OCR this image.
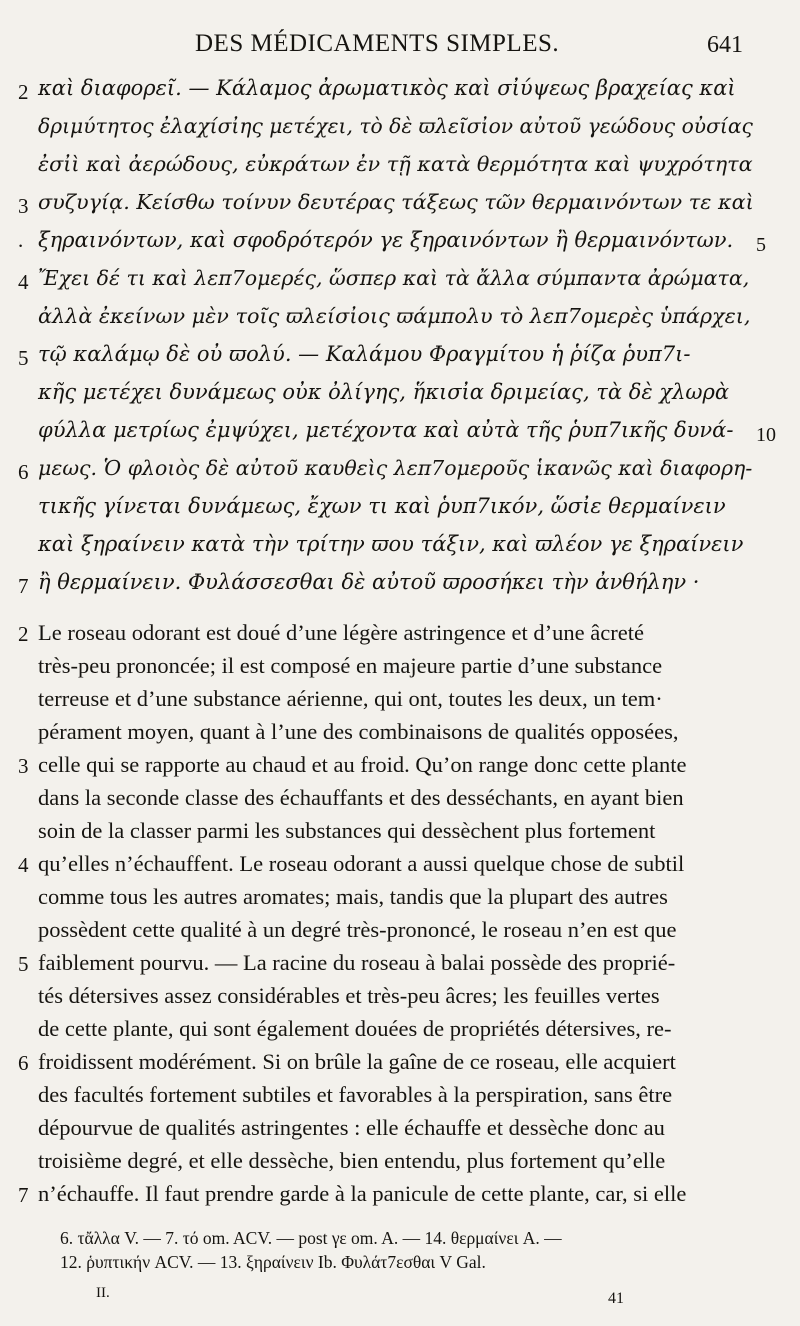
DES MÉDICAMENTS SIMPLES.	641
καὶ διαφορεῖ. — Κάλαμος ἀρωματικὸς καὶ σἰύψεως βραχείας καὶ
δριμύτητος ἐλαχίσἰης μετέχει, τὸ δὲ ϖλεῖσἰον αὐτοῦ γεώδους οὐσίας
ἐσἰὶ καὶ ἀερώδους, εὐκράτων ἐν τῇ κατὰ θερμότητα καὶ ψυχρότητα
συζυγίᾳ. Κείσθω τοίνυν δευτέρας τάξεως τῶν θερμαινόντων τε καὶ
ξηραινόντων, καὶ σφοδρότερόν γε ξηραινόντων ἢ θερμαινόντων.
Ἔχει δέ τι καὶ λεπ7ομερές, ὥσπερ καὶ τὰ ἄλλα σύμπαντα ἀρώματα,
ἀλλὰ ἐκείνων μὲν τοῖς ϖλείσἰοις ϖάμπολυ τὸ λεπ7ομερὲς ὑπάρχει,
τῷ καλάμῳ δὲ οὐ ϖολύ. — Καλάμου Φραγμίτου ἡ ῥίζα ῥυπ7ι-
κῆς μετέχει δυνάμεως οὐκ ὀλίγης, ἥκισἰα δριμείας, τὰ δὲ χλωρὰ
φύλλα μετρίως ἐμψύχει, μετέχοντα καὶ αὐτὰ τῆς ῥυπ7ικῆς δυνά-
μεως. Ὁ φλοιὸς δὲ αὐτοῦ καυθεὶς λεπ7ομεροῦς ἱκανῶς καὶ διαφορη-
τικῆς γίνεται δυνάμεως, ἔχων τι καὶ ῥυπ7ικόν, ὥσἰε θερμαίνειν
καὶ ξηραίνειν κατὰ τὴν τρίτην ϖου τάξιν, καὶ ϖλέον γε ξηραίνειν
ἢ θερμαίνειν. Φυλάσσεσθαι δὲ αὐτοῦ ϖροσήκει τὴν ἀνθήλην ·
2
3
.
4
5
6
7
5
10
Le roseau odorant est doué d’une légère astringence et d’une âcreté
très-peu prononcée; il est composé en majeure partie d’une substance
terreuse et d’une substance aérienne, qui ont, toutes les deux, un tem·
pérament moyen, quant à l’une des combinaisons de qualités opposées,
celle qui se rapporte au chaud et au froid. Qu’on range donc cette plante
dans la seconde classe des échauffants et des desséchants, en ayant bien
soin de la classer parmi les substances qui dessèchent plus fortement
qu’elles n’échauffent. Le roseau odorant a aussi quelque chose de subtil
comme tous les autres aromates; mais, tandis que la plupart des autres
possèdent cette qualité à un degré très-prononcé, le roseau n’en est que
faiblement pourvu. — La racine du roseau à balai possède des proprié-
tés détersives assez considérables et très-peu âcres; les feuilles vertes
de cette plante, qui sont également douées de propriétés détersives, re-
froidissent modérément. Si on brûle la gaîne de ce roseau, elle acquiert
des facultés fortement subtiles et favorables à la perspiration, sans être
dépourvue de qualités astringentes : elle échauffe et dessèche donc au
troisième degré, et elle dessèche, bien entendu, plus fortement qu’elle
n’échauffe. Il faut prendre garde à la panicule de cette plante, car, si elle
2
3
4
5
6
7
6. τἄλλα V. — 7. τό om. ACV. — post γε om. A. — 14. θερμαίνει A. —
12. ῥυπτικήν ACV. — 13. ξηραίνειν Ib. Φυλάτ7εσθαι V Gal.
II.	41
